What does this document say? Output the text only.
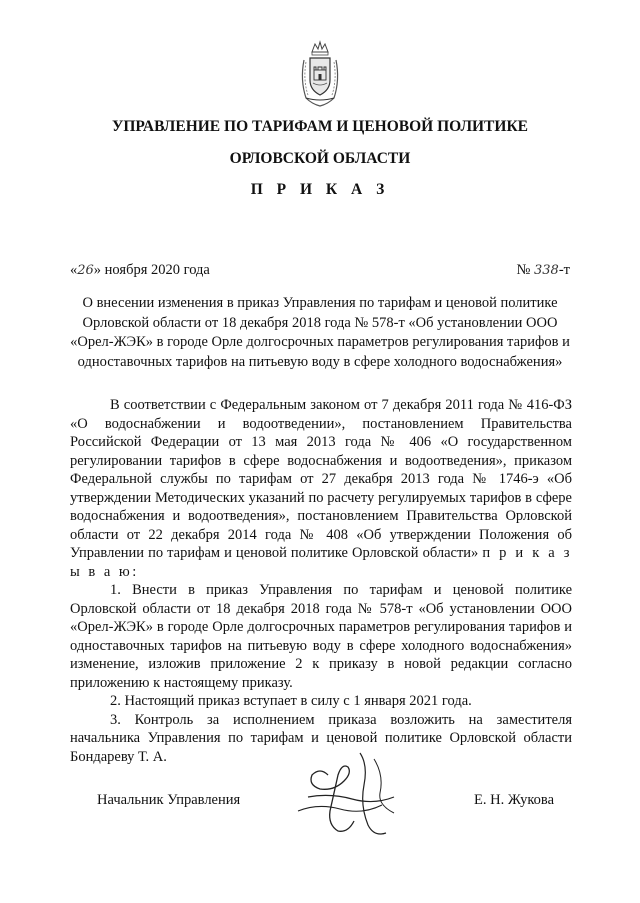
УПРАВЛЕНИЕ ПО ТАРИФАМ И ЦЕНОВОЙ ПОЛИТИКЕ
ОРЛОВСКОЙ ОБЛАСТИ
П Р И К А З
«26» ноября 2020 года	№ 338-т
О внесении изменения в приказ Управления по тарифам и ценовой политике Орловской области от 18 декабря 2018 года № 578-т «Об установлении ООО «Орел-ЖЭК» в городе Орле долгосрочных параметров регулирования тарифов и одноставочных тарифов на питьевую воду в сфере холодного водоснабжения»

В соответствии с Федеральным законом от 7 декабря 2011 года № 416-ФЗ «О водоснабжении и водоотведении», постановлением Правительства Российской Федерации от 13 мая 2013 года № 406 «О государственном регулировании тарифов в сфере водоснабжения и водоотведения», приказом Федеральной службы по тарифам от 27 декабря 2013 года № 1746-э «Об утверждении Методических указаний по расчету регулируемых тарифов в сфере водоснабжения и водоотведения», постановлением Правительства Орловской области от 22 декабря 2014 года № 408 «Об утверждении Положения об Управлении по тарифам и ценовой политике Орловской области» п р и к а з ы в а ю:

1. Внести в приказ Управления по тарифам и ценовой политике Орловской области от 18 декабря 2018 года № 578-т «Об установлении ООО «Орел-ЖЭК» в городе Орле долгосрочных параметров регулирования тарифов и одноставочных тарифов на питьевую воду в сфере холодного водоснабжения» изменение, изложив приложение 2 к приказу в новой редакции согласно приложению к настоящему приказу.

2. Настоящий приказ вступает в силу с 1 января 2021 года.

3. Контроль за исполнением приказа возложить на заместителя начальника Управления по тарифам и ценовой политике Орловской области Бондареву Т. А.

Начальник Управления	Е. Н. Жукова
